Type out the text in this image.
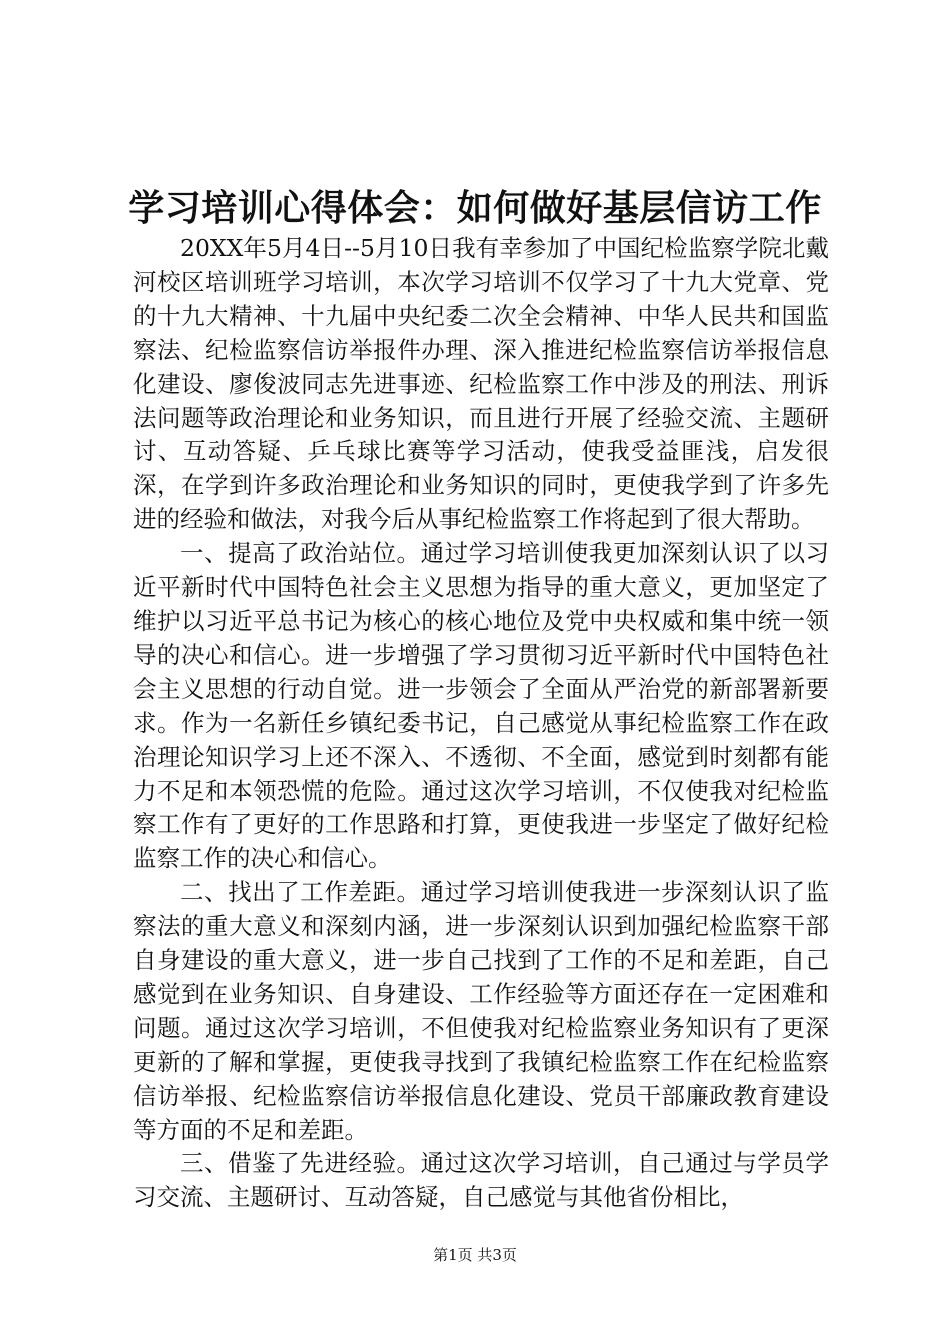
学习培训心得体会：如何做好基层信访工作

20XX年5月4日--5月10日我有幸参加了中国纪检监察学院北戴河校区培训班学习培训，本次学习培训不仅学习了十九大党章、党的十九大精神、十九届中央纪委二次全会精神、中华人民共和国监察法、纪检监察信访举报件办理、深入推进纪检监察信访举报信息化建设、廖俊波同志先进事迹、纪检监察工作中涉及的刑法、刑诉法问题等政治理论和业务知识，而且进行开展了经验交流、主题研讨、互动答疑、乒乓球比赛等学习活动，使我受益匪浅，启发很深，在学到许多政治理论和业务知识的同时，更使我学到了许多先进的经验和做法，对我今后从事纪检监察工作将起到了很大帮助。

一、提高了政治站位。通过学习培训使我更加深刻认识了以习近平新时代中国特色社会主义思想为指导的重大意义，更加坚定了维护以习近平总书记为核心的核心地位及党中央权威和集中统一领导的决心和信心。进一步增强了学习贯彻习近平新时代中国特色社会主义思想的行动自觉。进一步领会了全面从严治党的新部署新要求。作为一名新任乡镇纪委书记，自己感觉从事纪检监察工作在政治理论知识学习上还不深入、不透彻、不全面，感觉到时刻都有能力不足和本领恐慌的危险。通过这次学习培训，不仅使我对纪检监察工作有了更好的工作思路和打算，更使我进一步坚定了做好纪检监察工作的决心和信心。

二、找出了工作差距。通过学习培训使我进一步深刻认识了监察法的重大意义和深刻内涵，进一步深刻认识到加强纪检监察干部自身建设的重大意义，进一步自己找到了工作的不足和差距，自己感觉到在业务知识、自身建设、工作经验等方面还存在一定困难和问题。通过这次学习培训，不但使我对纪检监察业务知识有了更深更新的了解和掌握，更使我寻找到了我镇纪检监察工作在纪检监察信访举报、纪检监察信访举报信息化建设、党员干部廉政教育建设等方面的不足和差距。

三、借鉴了先进经验。通过这次学习培训，自己通过与学员学习交流、主题研讨、互动答疑，自己感觉与其他省份相比，

第1页 共3页
